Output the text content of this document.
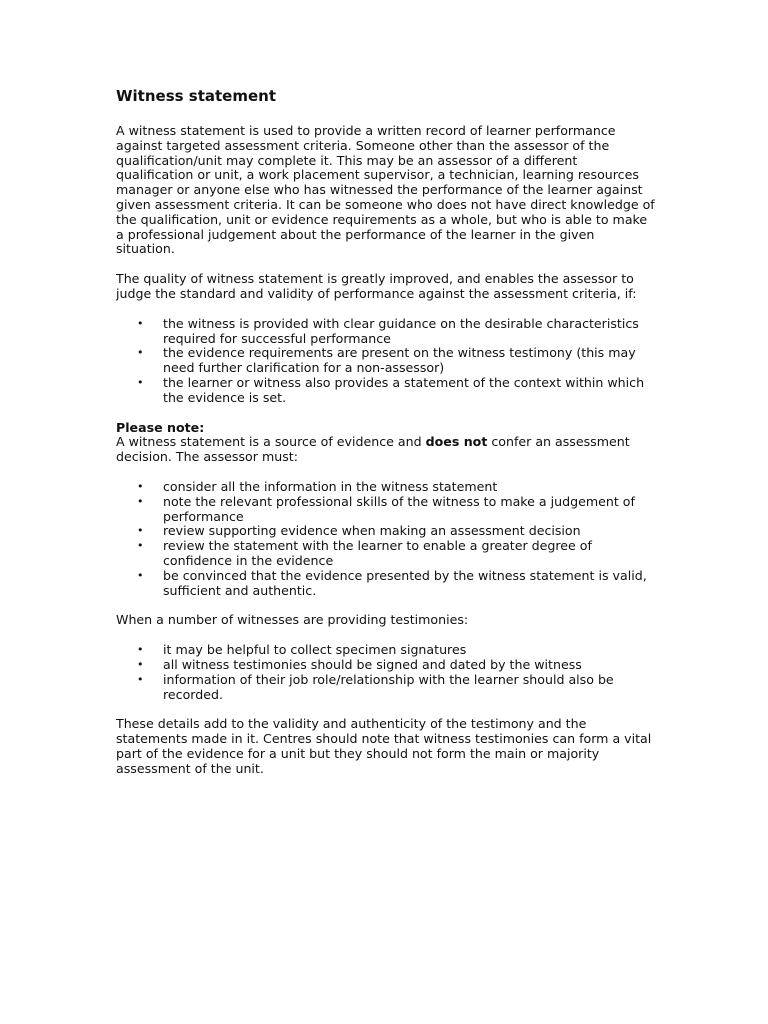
Witness statement

A witness statement is used to provide a written record of learner performance against targeted assessment criteria. Someone other than the assessor of the qualification/unit may complete it. This may be an assessor of a different qualification or unit, a work placement supervisor, a technician, learning resources manager or anyone else who has witnessed the performance of the learner against given assessment criteria. It can be someone who does not have direct knowledge of the qualification, unit or evidence requirements as a whole, but who is able to make a professional judgement about the performance of the learner in the given situation.

The quality of witness statement is greatly improved, and enables the assessor to judge the standard and validity of performance against the assessment criteria, if:

• the witness is provided with clear guidance on the desirable characteristics required for successful performance
• the evidence requirements are present on the witness testimony (this may need further clarification for a non-assessor)
• the learner or witness also provides a statement of the context within which the evidence is set.
Please note:
A witness statement is a source of evidence and does not confer an assessment decision. The assessor must:
• consider all the information in the witness statement
• note the relevant professional skills of the witness to make a judgement of performance
• review supporting evidence when making an assessment decision
• review the statement with the learner to enable a greater degree of confidence in the evidence
• be convinced that the evidence presented by the witness statement is valid, sufficient and authentic.

When a number of witnesses are providing testimonies:

• it may be helpful to collect specimen signatures
• all witness testimonies should be signed and dated by the witness
• information of their job role/relationship with the learner should also be recorded.

These details add to the validity and authenticity of the testimony and the statements made in it. Centres should note that witness testimonies can form a vital part of the evidence for a unit but they should not form the main or majority assessment of the unit.
